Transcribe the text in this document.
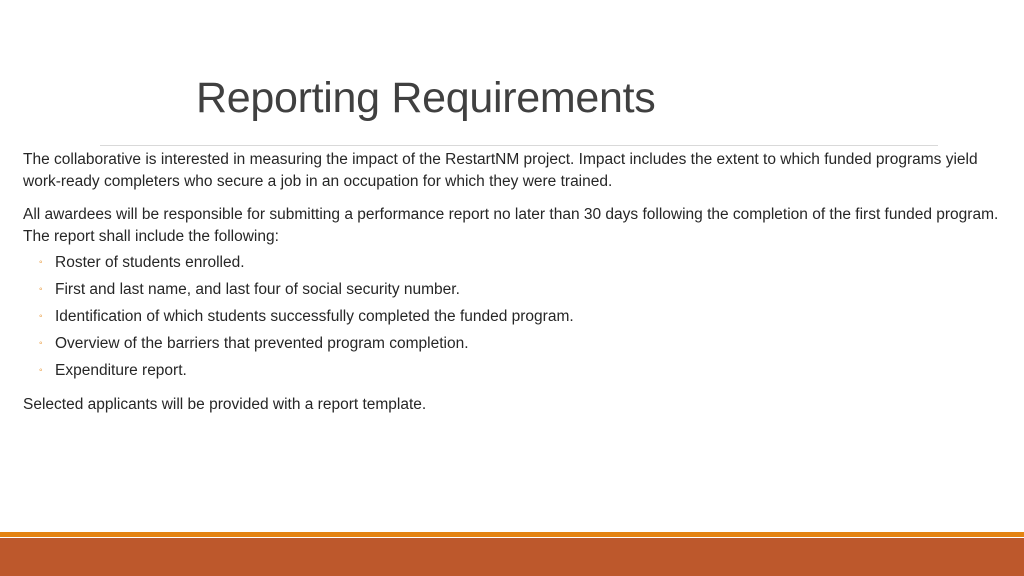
Reporting Requirements

The collaborative is interested in measuring the impact of the RestartNM project. Impact includes the extent to which funded programs yield work-ready completers who secure a job in an occupation for which they were trained.

All awardees will be responsible for submitting a performance report no later than 30 days following the completion of the first funded program. The report shall include the following:

◦ Roster of students enrolled.
◦ First and last name, and last four of social security number.
◦ Identification of which students successfully completed the funded program.
◦ Overview of the barriers that prevented program completion.
◦ Expenditure report.

Selected applicants will be provided with a report template.
